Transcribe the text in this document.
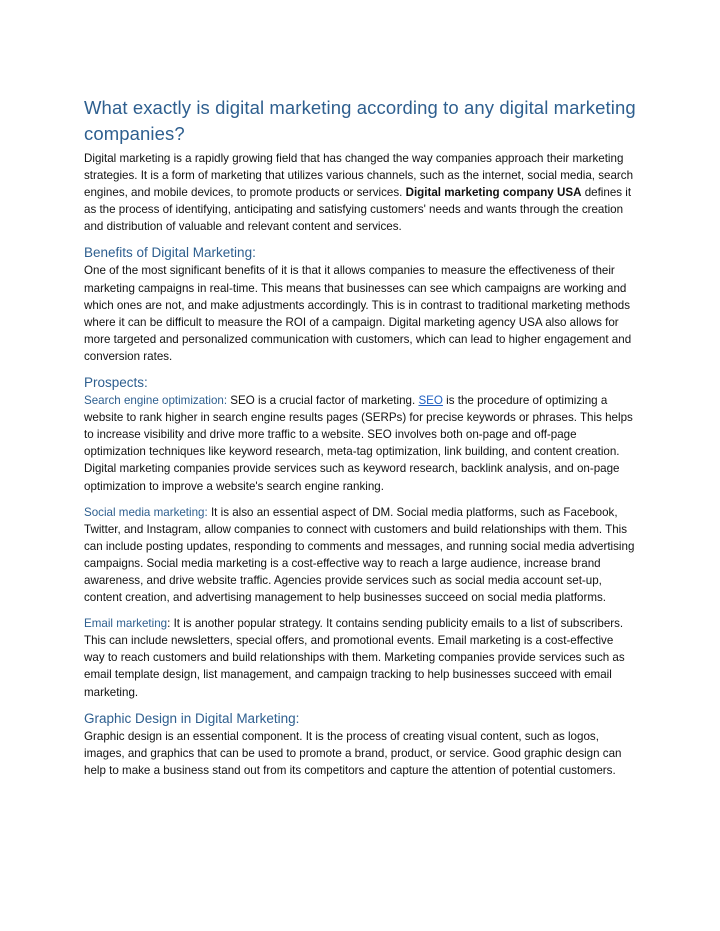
What exactly is digital marketing according to any digital marketing companies?

Digital marketing is a rapidly growing field that has changed the way companies approach their marketing strategies. It is a form of marketing that utilizes various channels, such as the internet, social media, search engines, and mobile devices, to promote products or services. Digital marketing company USA defines it as the process of identifying, anticipating and satisfying customers' needs and wants through the creation and distribution of valuable and relevant content and services.

Benefits of Digital Marketing:

One of the most significant benefits of it is that it allows companies to measure the effectiveness of their marketing campaigns in real-time. This means that businesses can see which campaigns are working and which ones are not, and make adjustments accordingly. This is in contrast to traditional marketing methods where it can be difficult to measure the ROI of a campaign. Digital marketing agency USA also allows for more targeted and personalized communication with customers, which can lead to higher engagement and conversion rates.

Prospects:

Search engine optimization: SEO is a crucial factor of marketing. SEO is the procedure of optimizing a website to rank higher in search engine results pages (SERPs) for precise keywords or phrases. This helps to increase visibility and drive more traffic to a website. SEO involves both on-page and off-page optimization techniques like keyword research, meta-tag optimization, link building, and content creation. Digital marketing companies provide services such as keyword research, backlink analysis, and on-page optimization to improve a website's search engine ranking.

Social media marketing: It is also an essential aspect of DM. Social media platforms, such as Facebook, Twitter, and Instagram, allow companies to connect with customers and build relationships with them. This can include posting updates, responding to comments and messages, and running social media advertising campaigns. Social media marketing is a cost-effective way to reach a large audience, increase brand awareness, and drive website traffic. Agencies provide services such as social media account set-up, content creation, and advertising management to help businesses succeed on social media platforms.

Email marketing: It is another popular strategy. It contains sending publicity emails to a list of subscribers. This can include newsletters, special offers, and promotional events. Email marketing is a cost-effective way to reach customers and build relationships with them. Marketing companies provide services such as email template design, list management, and campaign tracking to help businesses succeed with email marketing.

Graphic Design in Digital Marketing:

Graphic design is an essential component. It is the process of creating visual content, such as logos, images, and graphics that can be used to promote a brand, product, or service. Good graphic design can help to make a business stand out from its competitors and capture the attention of potential customers.
